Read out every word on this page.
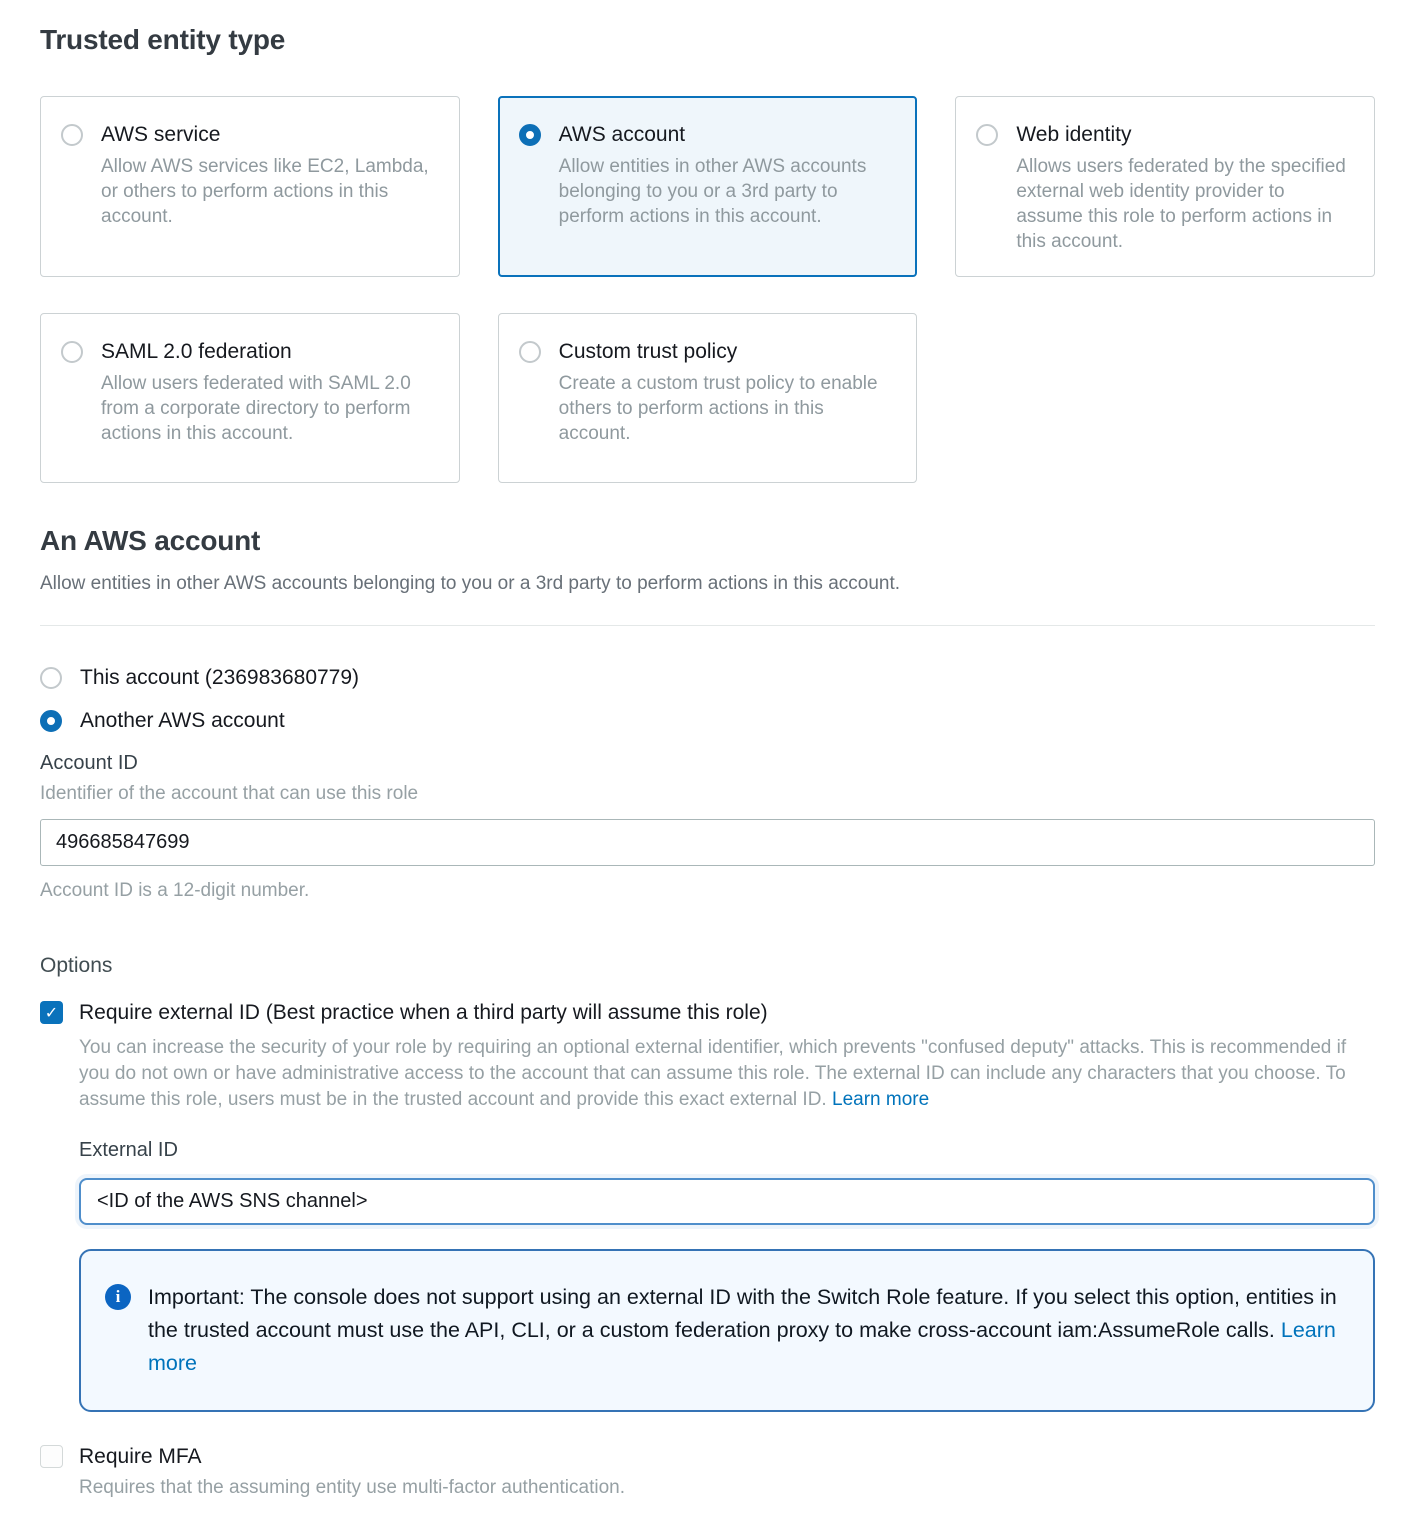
Trusted entity type
AWS service
Allow AWS services like EC2, Lambda, or others to perform actions in this account.
AWS account
Allow entities in other AWS accounts belonging to you or a 3rd party to perform actions in this account.
Web identity
Allows users federated by the specified external web identity provider to assume this role to perform actions in this account.
SAML 2.0 federation
Allow users federated with SAML 2.0 from a corporate directory to perform actions in this account.
Custom trust policy
Create a custom trust policy to enable others to perform actions in this account.
An AWS account
Allow entities in other AWS accounts belonging to you or a 3rd party to perform actions in this account.
This account (236983680779)
Another AWS account
Account ID
Identifier of the account that can use this role
496685847699
Account ID is a 12-digit number.
Options
✓ Require external ID (Best practice when a third party will assume this role)
You can increase the security of your role by requiring an optional external identifier, which prevents "confused deputy" attacks. This is recommended if you do not own or have administrative access to the account that can assume this role. The external ID can include any characters that you choose. To assume this role, users must be in the trusted account and provide this exact external ID. Learn more
External ID
<ID of the AWS SNS channel>
i Important: The console does not support using an external ID with the Switch Role feature. If you select this option, entities in the trusted account must use the API, CLI, or a custom federation proxy to make cross-account iam:AssumeRole calls. Learn more
Require MFA
Requires that the assuming entity use multi-factor authentication.
